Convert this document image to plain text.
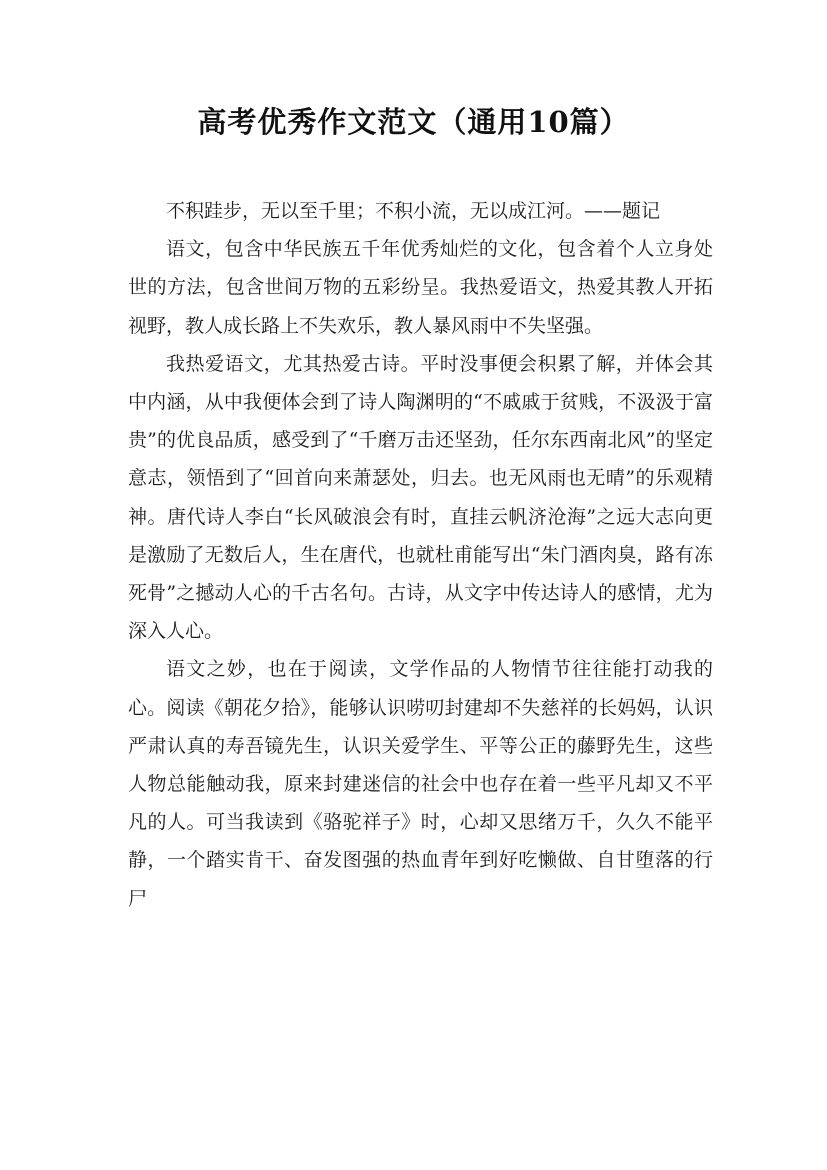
高考优秀作文范文（通用10篇）

不积跬步，无以至千里；不积小流，无以成江河。——题记

语文，包含中华民族五千年优秀灿烂的文化，包含着个人立身处世的方法，包含世间万物的五彩纷呈。我热爱语文，热爱其教人开拓视野，教人成长路上不失欢乐，教人暴风雨中不失坚强。

我热爱语文，尤其热爱古诗。平时没事便会积累了解，并体会其中内涵，从中我便体会到了诗人陶渊明的“不戚戚于贫贱，不汲汲于富贵”的优良品质，感受到了“千磨万击还坚劲，任尔东西南北风”的坚定意志，领悟到了“回首向来萧瑟处，归去。也无风雨也无晴”的乐观精神。唐代诗人李白“长风破浪会有时，直挂云帆济沧海”之远大志向更是激励了无数后人，生在唐代，也就杜甫能写出“朱门酒肉臭，路有冻死骨”之撼动人心的千古名句。古诗，从文字中传达诗人的感情，尤为深入人心。

语文之妙，也在于阅读，文学作品的人物情节往往能打动我的心。阅读《朝花夕拾》，能够认识唠叨封建却不失慈祥的长妈妈，认识严肃认真的寿吾镜先生，认识关爱学生、平等公正的藤野先生，这些人物总能触动我，原来封建迷信的社会中也存在着一些平凡却又不平凡的人。可当我读到《骆驼祥子》时，心却又思绪万千，久久不能平静，一个踏实肯干、奋发图强的热血青年到好吃懒做、自甘堕落的行尸
